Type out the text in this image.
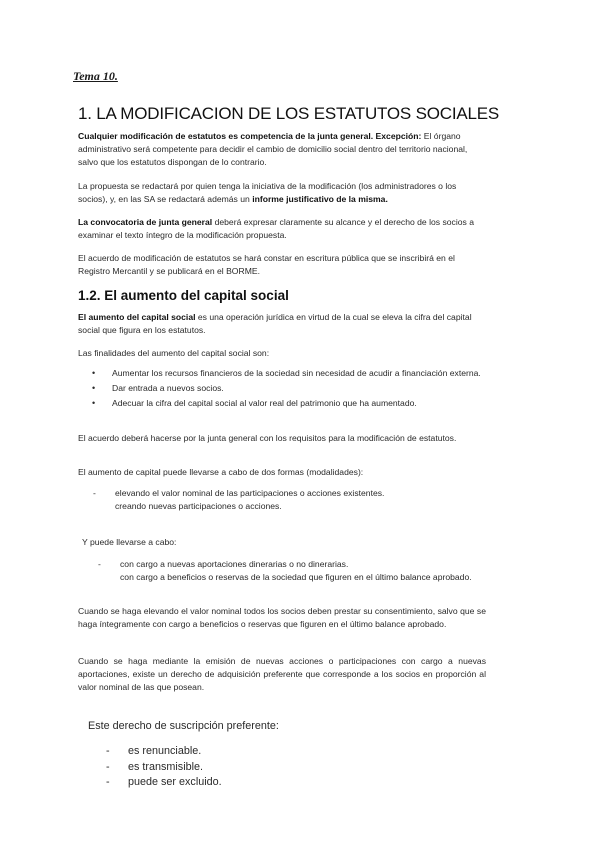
Tema 10.
1. LA MODIFICACION DE LOS ESTATUTOS SOCIALES

Cualquier modificación de estatutos es competencia de la junta general. Excepción: El órgano administrativo será competente para decidir el cambio de domicilio social dentro del territorio nacional, salvo que los estatutos dispongan de lo contrario.

La propuesta se redactará por quien tenga la iniciativa de la modificación (los administradores o los socios), y, en las SA se redactará además un informe justificativo de la misma.

La convocatoria de junta general deberá expresar claramente su alcance y el derecho de los socios a examinar el texto íntegro de la modificación propuesta.

El acuerdo de modificación de estatutos se hará constar en escritura pública que se inscribirá en el Registro Mercantil y se publicará en el BORME.

1.2. El aumento del capital social

El aumento del capital social es una operación jurídica en virtud de la cual se eleva la cifra del capital social que figura en los estatutos.

Las finalidades del aumento del capital social son:

• Aumentar los recursos financieros de la sociedad sin necesidad de acudir a financiación externa.
• Dar entrada a nuevos socios.
• Adecuar la cifra del capital social al valor real del patrimonio que ha aumentado.

El acuerdo deberá hacerse por la junta general con los requisitos para la modificación de estatutos.

El aumento de capital puede llevarse a cabo de dos formas (modalidades):

- elevando el valor nominal de las participaciones o acciones existentes.
creando nuevas participaciones o acciones.

Y puede llevarse a cabo:

- con cargo a nuevas aportaciones dinerarias o no dinerarias.
con cargo a beneficios o reservas de la sociedad que figuren en el último balance aprobado.

Cuando se haga elevando el valor nominal todos los socios deben prestar su consentimiento, salvo que se haga íntegramente con cargo a beneficios o reservas que figuren en el último balance aprobado.

Cuando se haga mediante la emisión de nuevas acciones o participaciones con cargo a nuevas aportaciones, existe un derecho de adquisición preferente que corresponde a los socios en proporción al valor nominal de las que posean.

Este derecho de suscripción preferente:

- es renunciable.
- es transmisible.
- puede ser excluido.
